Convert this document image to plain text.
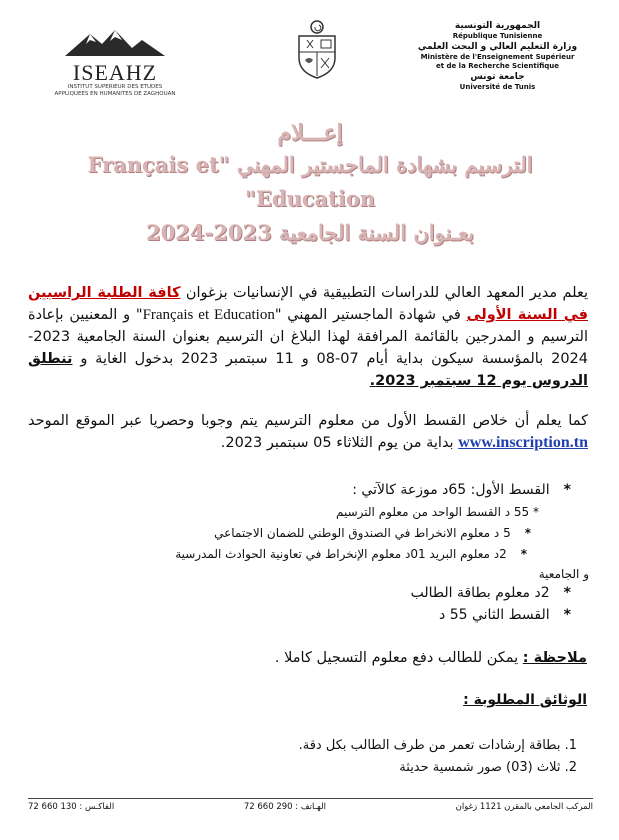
ISEAHZ
INSTITUT SUPERIEUR DES ETUDES
APPLIQUEES EN HUMANITES DE ZAGHOUAN
الجمهورية التونسية
République Tunisienne
وزارة التعليم العالي و البحث العلمي
Ministère de l'Enseignement Supérieur
et de la Recherche Scientifique
جامعة تونس
Université de Tunis
إعـــلام
الترسيم بشهادة الماجستير المهني "Français et Education"
بعـنوان السنة الجامعية 2023-2024
يعلم مدير المعهد العالي للدراسات التطبيقية في الإنسانيات بزغوان كافة الطلبة الراسبين في السنة الأولى في شهادة الماجستير المهني "Français et Education" و المعنيين بإعادة الترسيم و المدرجين بالقائمة المرافقة لهذا البلاغ ان الترسيم بعنوان السنة الجامعية 2023-2024 بالمؤسسة سيكون بداية أيام 07-08 و 11 سبتمبر 2023 بدخول الغاية و تنطلق الدروس يوم 12 سبتمبر 2023.
كما يعلم أن خلاص القسط الأول من معلوم الترسيم يتم وجوبا وحصريا عبر الموقع الموحد www.inscription.tn بداية من يوم الثلاثاء 05 سبتمبر 2023.
*القسط الأول: 65د موزعة كالآتي :
* 55 د القسط الواحد من معلوم الترسيم
*5 د معلوم الانخراط في الصندوق الوطني للضمان الاجتماعي
*2د معلوم البريد 01د معلوم الإنخراط في تعاونية الحوادث المدرسية
و الجامعية
*2د معلوم بطاقة الطالب
*القسط الثاني 55 د
ملاحظة : يمكن للطالب دفع معلوم التسجيل كاملا .
الوثائق المطلوبة :
1. بطاقة إرشادات تعمر من طرف الطالب بكل دقة.
2. ثلاث (03) صور شمسية حديثة
المركب الجامعي بالمقرن 1121 زغوان
الهـاتف : 290 660 72
الفاكـس : 130 660 72
